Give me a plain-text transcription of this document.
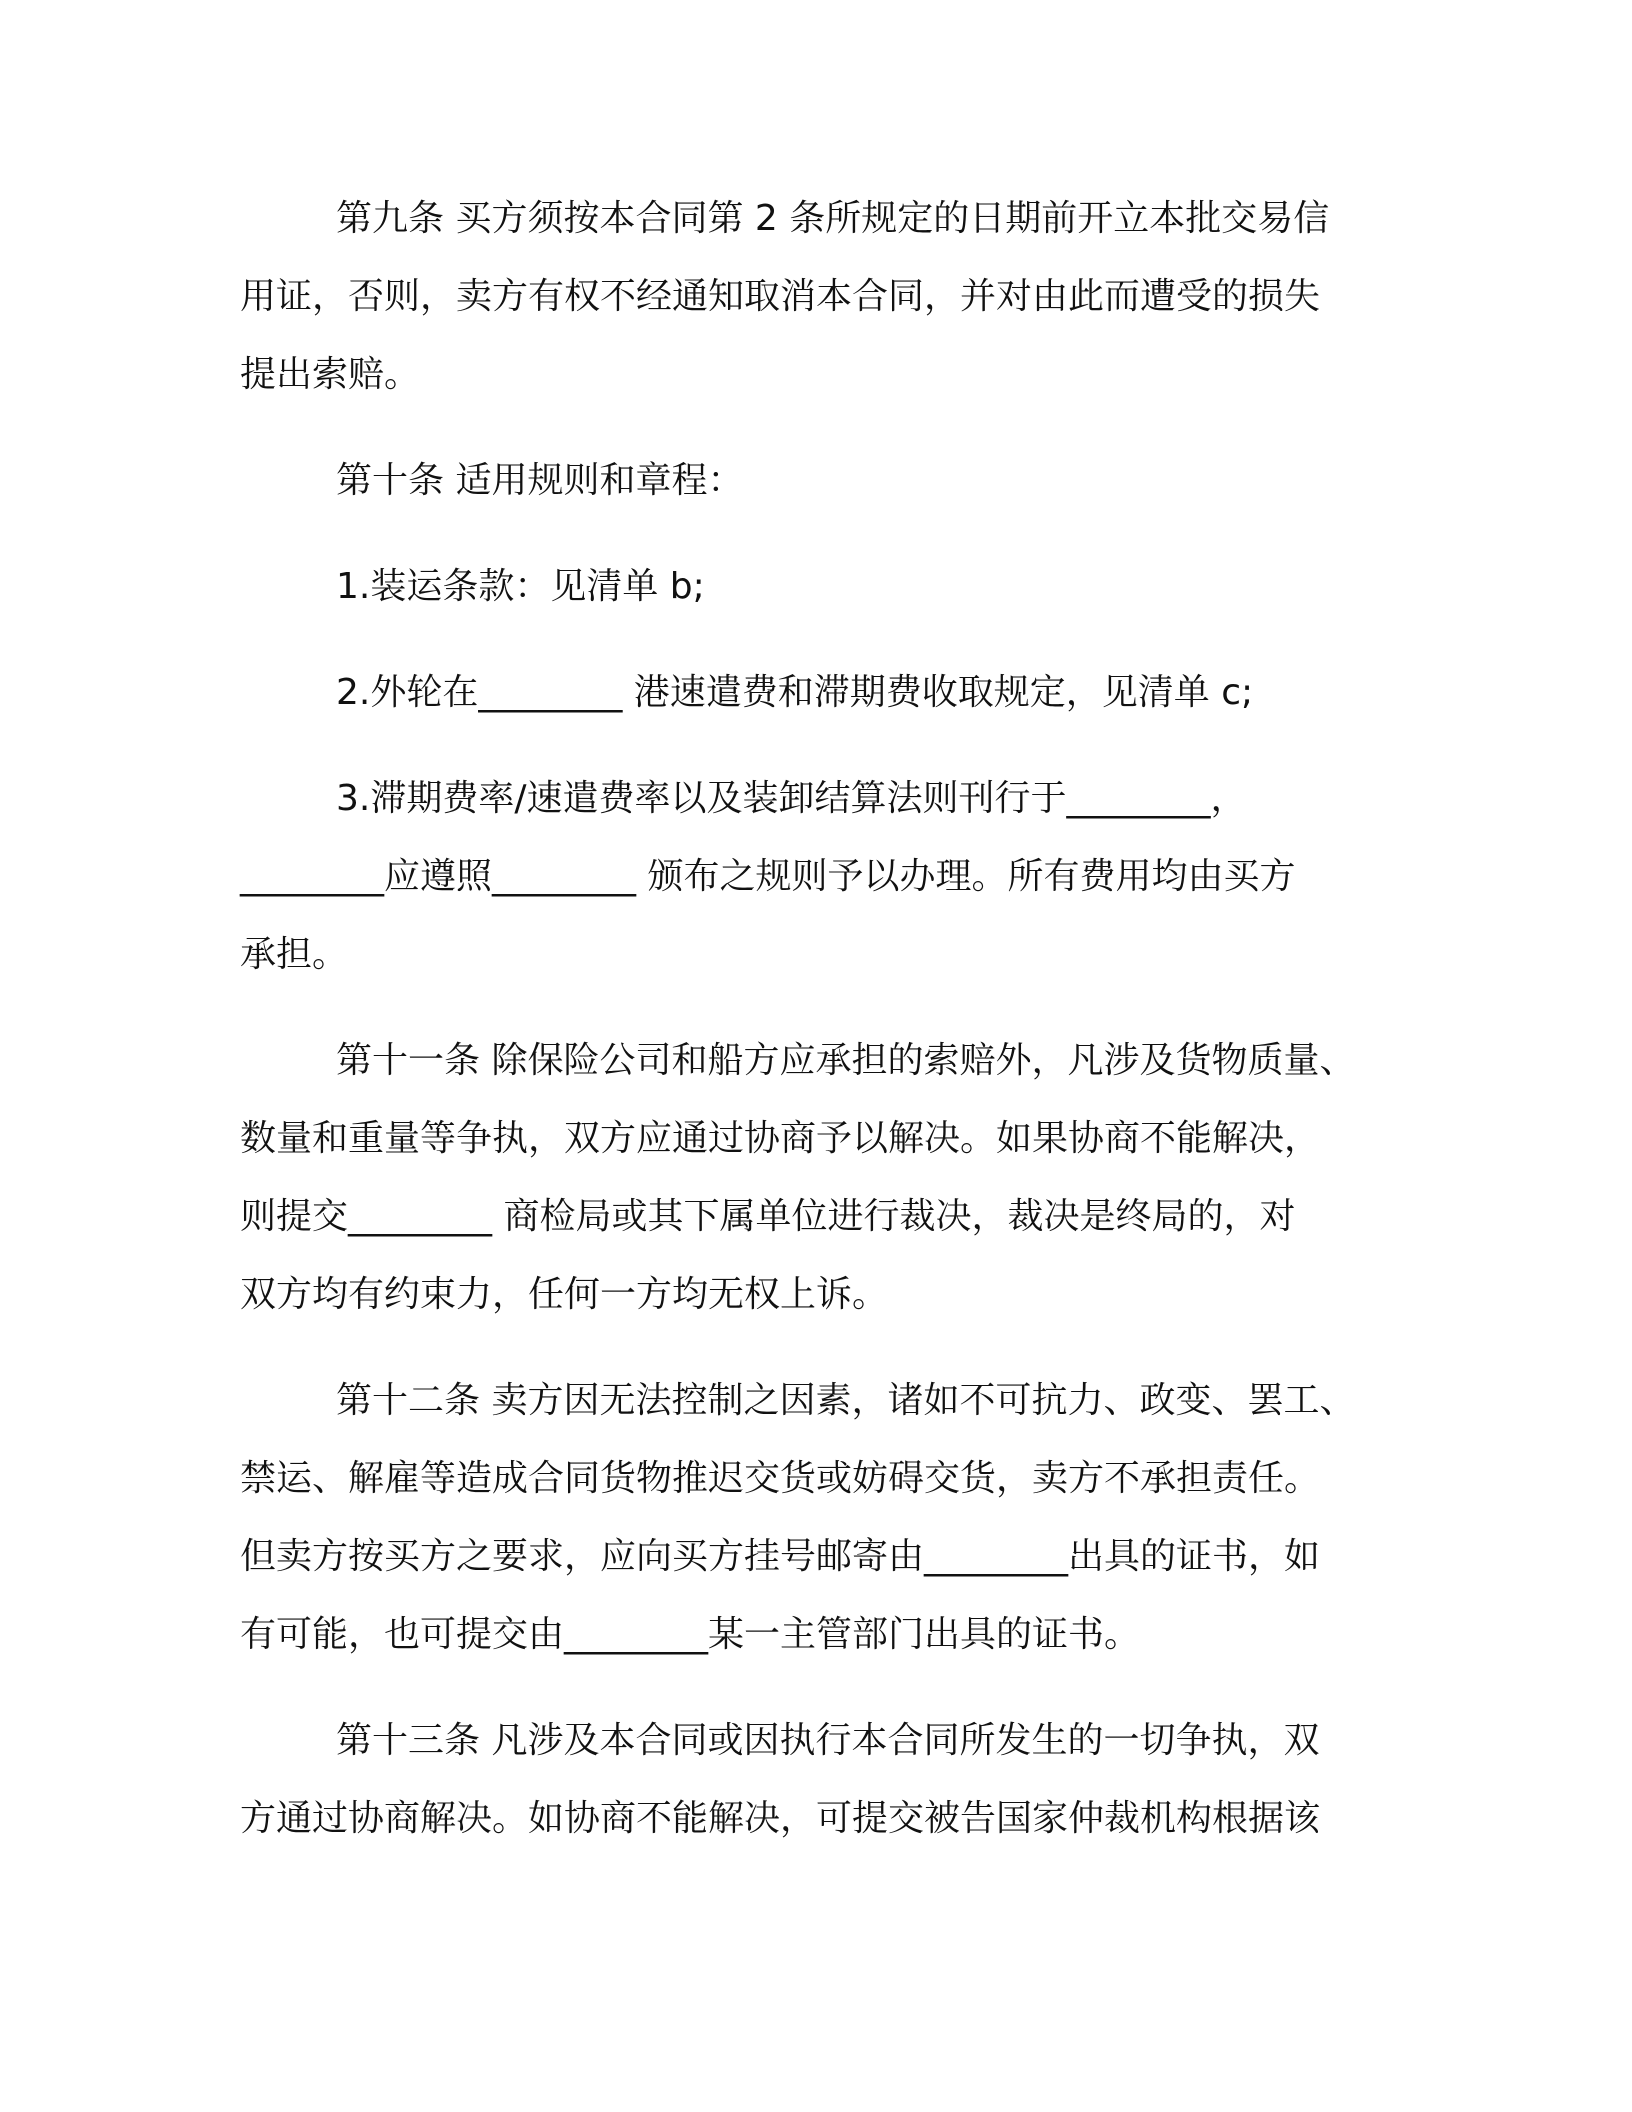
第九条 买方须按本合同第 2 条所规定的日期前开立本批交易信
用证，否则，卖方有权不经通知取消本合同，并对由此而遭受的损失
提出索赔。
第十条 适用规则和章程：
1.装运条款：见清单 b;
2.外轮在________ 港速遣费和滞期费收取规定，见清单 c;
3.滞期费率/速遣费率以及装卸结算法则刊行于________，
________应遵照________ 颁布之规则予以办理。所有费用均由买方
承担。
第十一条 除保险公司和船方应承担的索赔外，凡涉及货物质量、
数量和重量等争执，双方应通过协商予以解决。如果协商不能解决，
则提交________ 商检局或其下属单位进行裁决，裁决是终局的，对
双方均有约束力，任何一方均无权上诉。
第十二条 卖方因无法控制之因素，诸如不可抗力、政变、罢工、
禁运、解雇等造成合同货物推迟交货或妨碍交货，卖方不承担责任。
但卖方按买方之要求，应向买方挂号邮寄由________出具的证书，如
有可能，也可提交由________某一主管部门出具的证书。
第十三条 凡涉及本合同或因执行本合同所发生的一切争执，双
方通过协商解决。如协商不能解决，可提交被告国家仲裁机构根据该
